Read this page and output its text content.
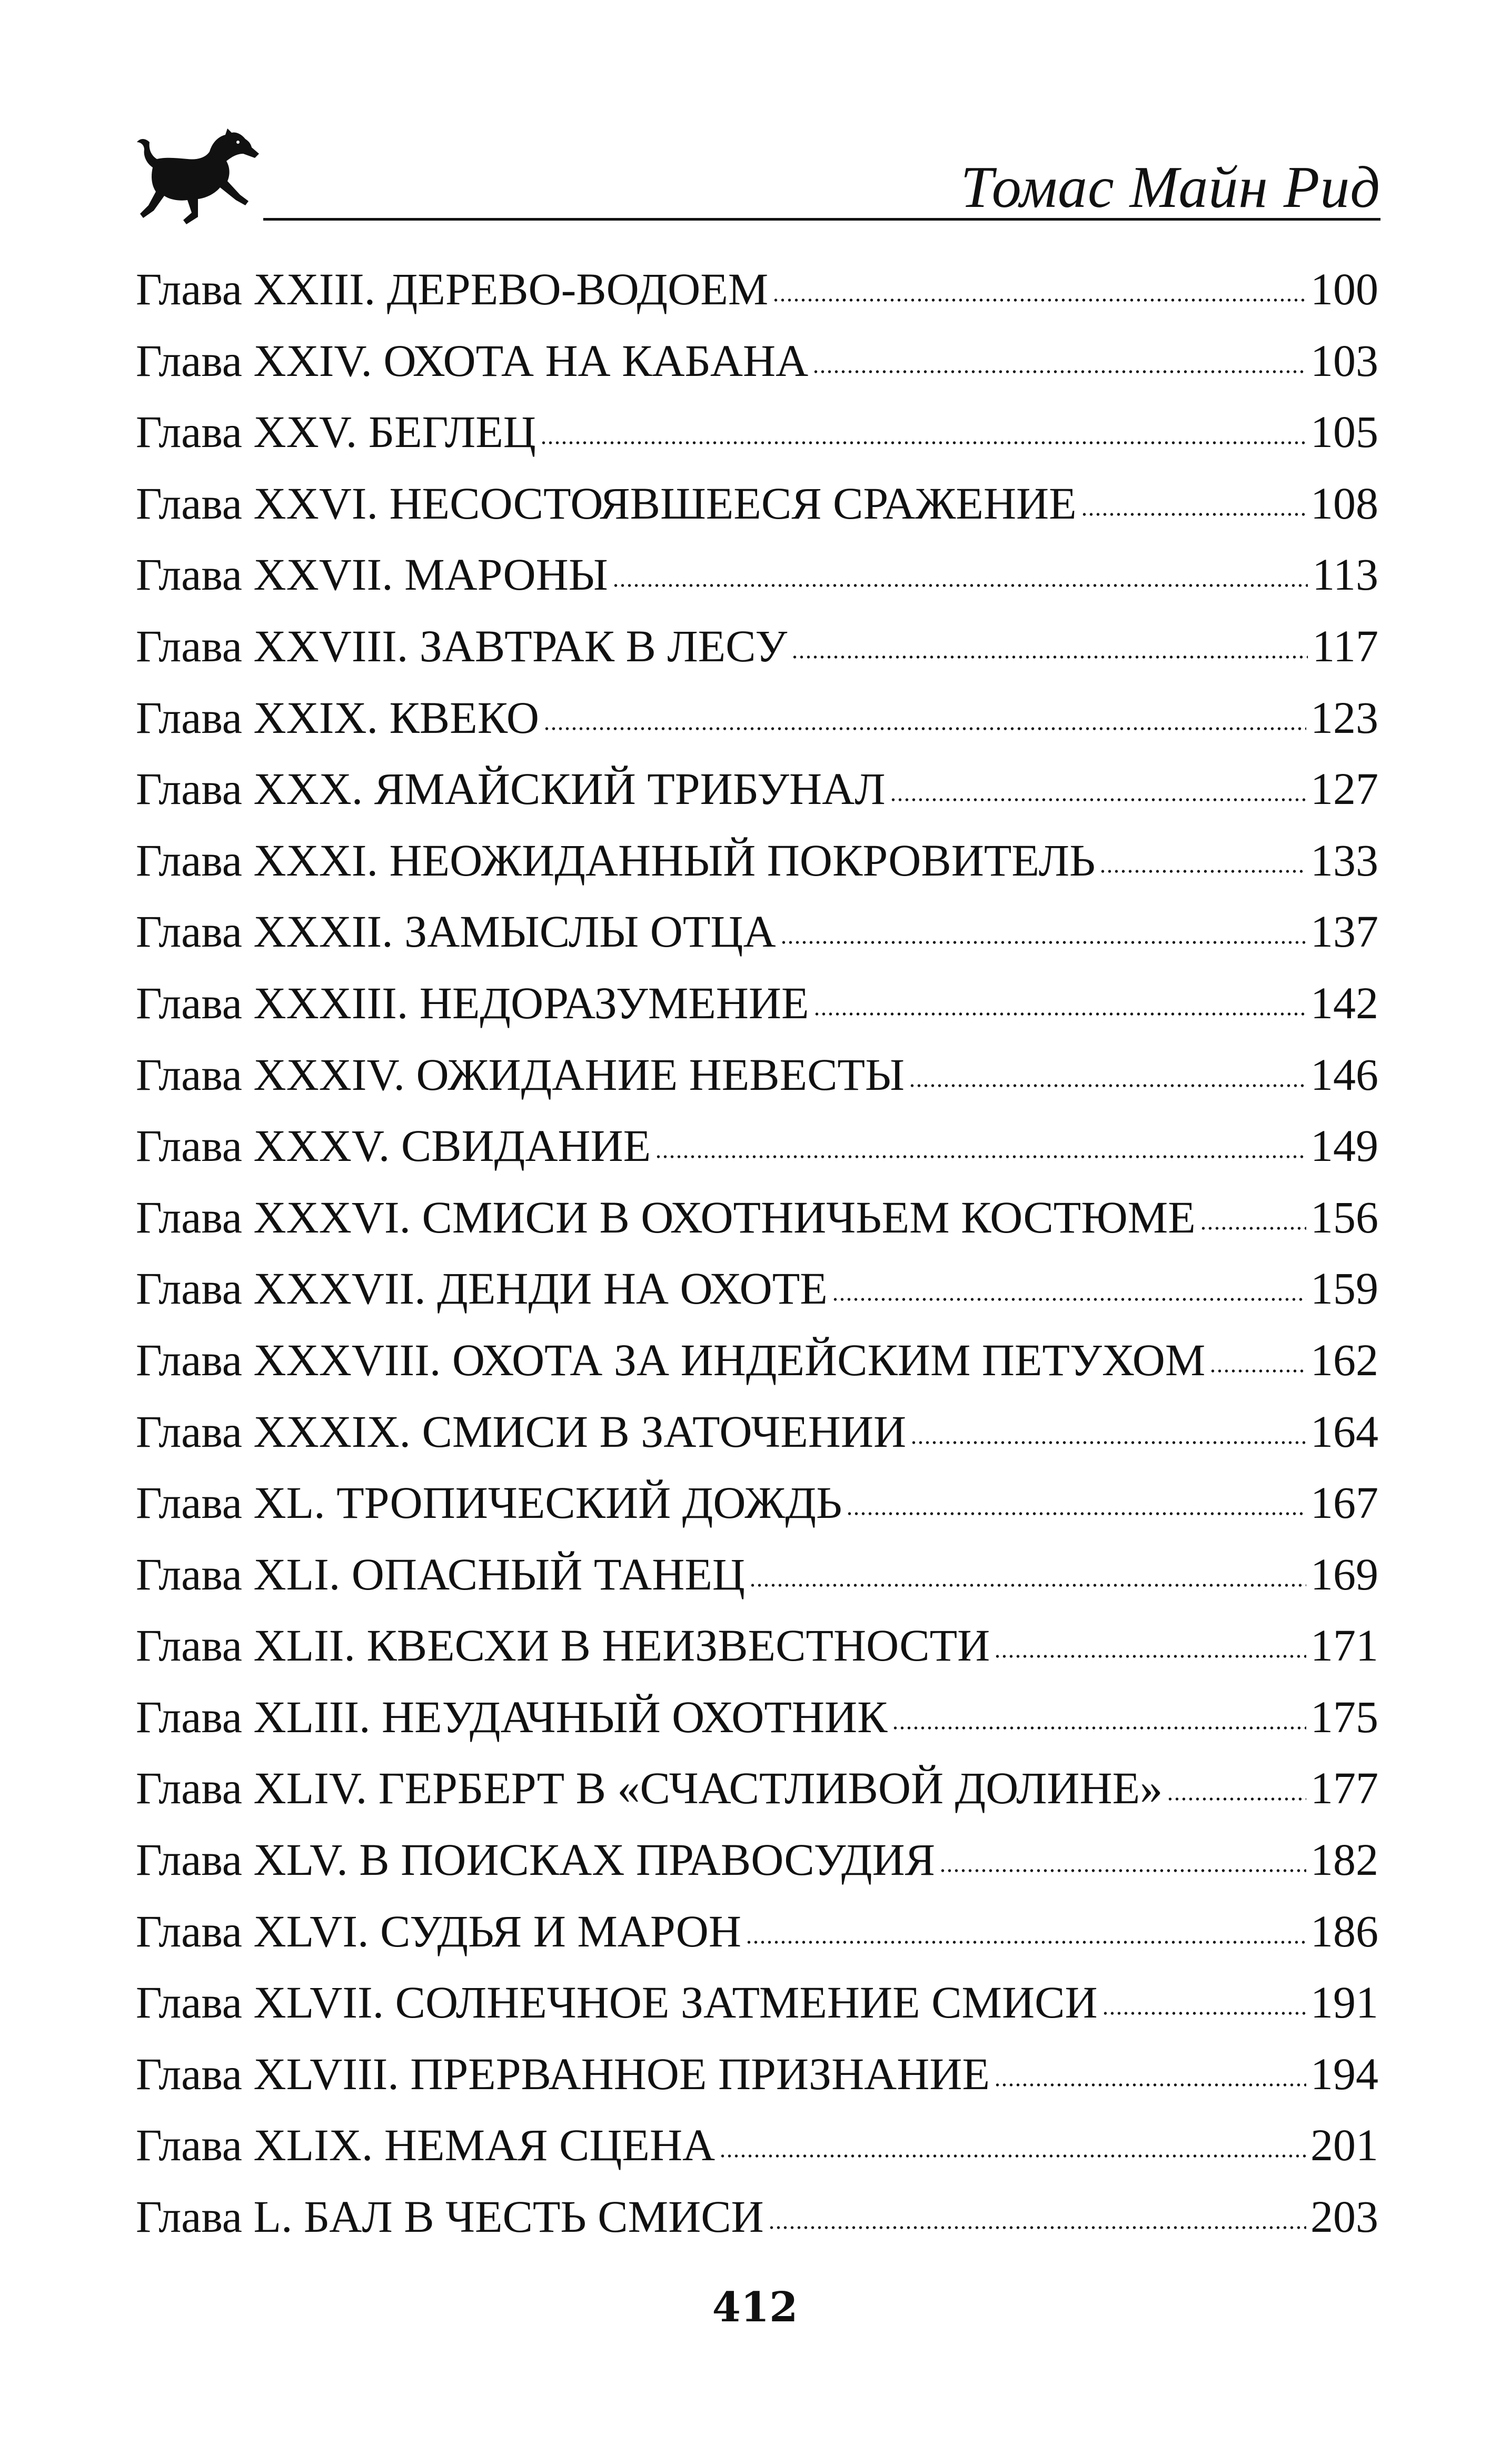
Томас Майн Рид
Глава XXIII. ДЕРЕВО-ВОДОЕМ	100
Глава XXIV. ОХОТА НА КАБАНА	103
Глава XXV. БЕГЛЕЦ	105
Глава XXVI. НЕСОСТОЯВШЕЕСЯ СРАЖЕНИЕ	108
Глава XXVII. МАРОНЫ	113
Глава XXVIII. ЗАВТРАК В ЛЕСУ	117
Глава XXIX. КВЕКО	123
Глава XXX. ЯМАЙСКИЙ ТРИБУНАЛ	127
Глава XXXI. НЕОЖИДАННЫЙ ПОКРОВИТЕЛЬ	133
Глава XXXII. ЗАМЫСЛЫ ОТЦА	137
Глава XXXIII. НЕДОРАЗУМЕНИЕ	142
Глава XXXIV. ОЖИДАНИЕ НЕВЕСТЫ	146
Глава XXXV. СВИДАНИЕ	149
Глава XXXVI. СМИСИ В ОХОТНИЧЬЕМ КОСТЮМЕ	156
Глава XXXVII. ДЕНДИ НА ОХОТЕ	159
Глава XXXVIII. ОХОТА ЗА ИНДЕЙСКИМ ПЕТУХОМ 162
Глава XXXIX. СМИСИ В ЗАТОЧЕНИИ	164
Глава XL. ТРОПИЧЕСКИЙ ДОЖДЬ	167
Глава XLI. ОПАСНЫЙ ТАНЕЦ	169
Глава XLII. КВЕСХИ В НЕИЗВЕСТНОСТИ	171
Глава XLIII. НЕУДАЧНЫЙ ОХОТНИК	175
Глава XLIV. ГЕРБЕРТ В «СЧАСТЛИВОЙ ДОЛИНЕ»	177
Глава XLV. В ПОИСКАХ ПРАВОСУДИЯ	182
Глава XLVI. СУДЬЯ И МАРОН	186
Глава XLVII. СОЛНЕЧНОЕ ЗАТМЕНИЕ СМИСИ	191
Глава XLVIII. ПРЕРВАННОЕ ПРИЗНАНИЕ	194
Глава XLIX. НЕМАЯ СЦЕНА	201
Глава L. БАЛ В ЧЕСТЬ СМИСИ	203
412
